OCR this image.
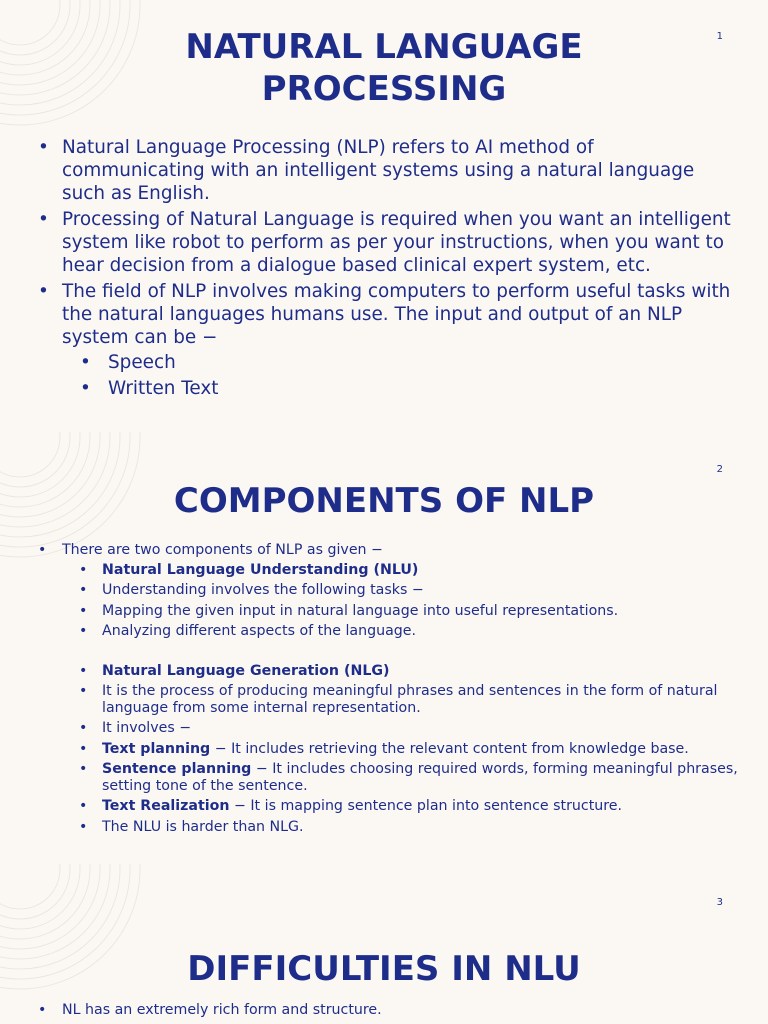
1
NATURAL LANGUAGE
PROCESSING
• Natural Language Processing (NLP) refers to AI method of communicating with an intelligent systems using a natural language such as English.
• Processing of Natural Language is required when you want an intelligent system like robot to perform as per your instructions, when you want to hear decision from a dialogue based clinical expert system, etc.
• The field of NLP involves making computers to perform useful tasks with the natural languages humans use. The input and output of an NLP system can be −
• Speech
• Written Text
2
COMPONENTS OF NLP
• There are two components of NLP as given −
• Natural Language Understanding (NLU)
• Understanding involves the following tasks −
• Mapping the given input in natural language into useful representations.
• Analyzing different aspects of the language.
• Natural Language Generation (NLG)
• It is the process of producing meaningful phrases and sentences in the form of natural language from some internal representation.
• It involves −
• Text planning − It includes retrieving the relevant content from knowledge base.
• Sentence planning − It includes choosing required words, forming meaningful phrases, setting tone of the sentence.
• Text Realization − It is mapping sentence plan into sentence structure.
• The NLU is harder than NLG.
3
DIFFICULTIES IN NLU
• NL has an extremely rich form and structure.
